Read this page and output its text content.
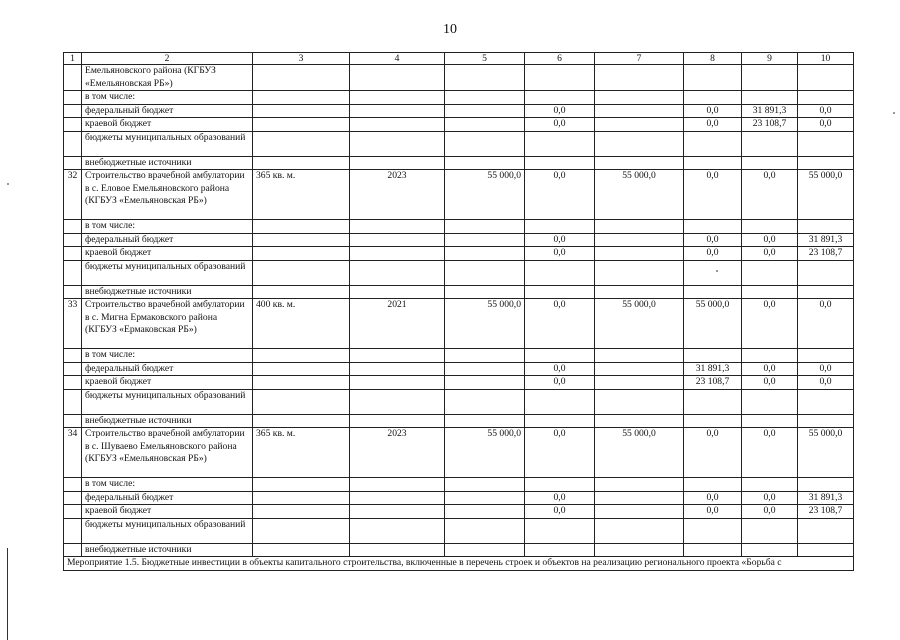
10
1	2	3	4	5	6	7	8	9	10
	Емельяновского района (КГБУЗ «Емельяновская РБ»)								
	в том числе:								
	федеральный бюджет				0,0		0,0	31 891,3	0,0
	краевой бюджет				0,0		0,0	23 108,7	0,0
	бюджеты муниципальных образований								
	внебюджетные источники								
32	Строительство врачебной амбулатории в с. Еловое Емельяновского района (КГБУЗ «Емельяновская РБ»)	365 кв. м.	2023	55 000,0	0,0	55 000,0	0,0	0,0	55 000,0
	в том числе:								
	федеральный бюджет				0,0		0,0	0,0	31 891,3
	краевой бюджет				0,0		0,0	0,0	23 108,7
	бюджеты муниципальных образований								
	внебюджетные источники								
33	Строительство врачебной амбулатории в с. Мигна Ермаковского района (КГБУЗ «Ермаковская РБ»)	400 кв. м.	2021	55 000,0	0,0	55 000,0	55 000,0	0,0	0,0
	в том числе:								
	федеральный бюджет				0,0		31 891,3	0,0	0,0
	краевой бюджет				0,0		23 108,7	0,0	0,0
	бюджеты муниципальных образований								
	внебюджетные источники								
34	Строительство врачебной амбулатории в с. Шуваево Емельяновского района (КГБУЗ «Емельяновская РБ»)	365 кв. м.	2023	55 000,0	0,0	55 000,0	0,0	0,0	55 000,0
	в том числе:								
	федеральный бюджет				0,0		0,0	0,0	31 891,3
	краевой бюджет				0,0		0,0	0,0	23 108,7
	бюджеты муниципальных образований								
	внебюджетные источники								
Мероприятие 1.5. Бюджетные инвестиции в объекты капитального строительства, включенные в перечень строек и объектов на реализацию регионального проекта «Борьба с									
